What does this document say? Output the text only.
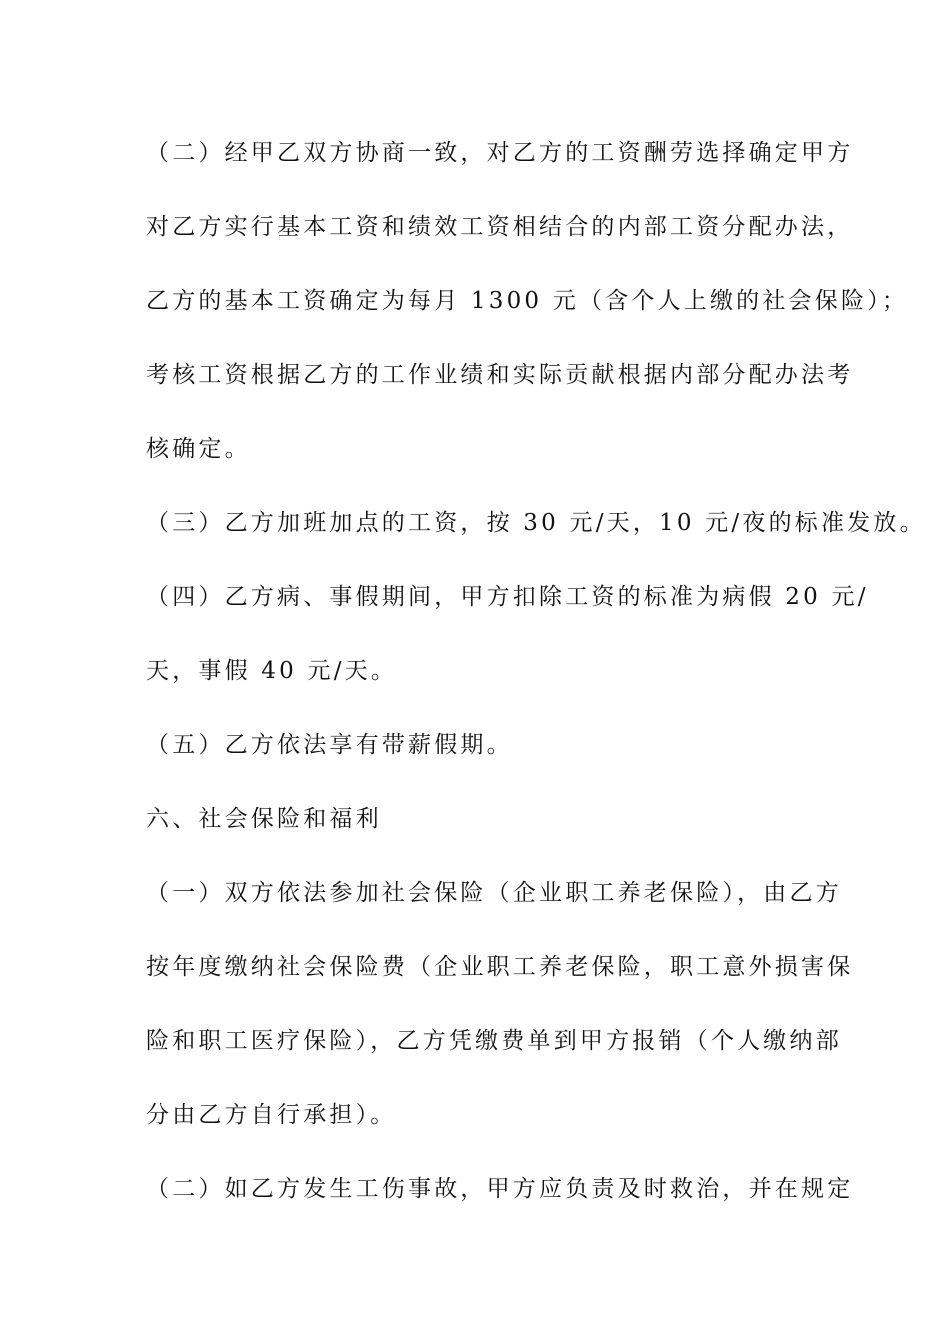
（二）经甲乙双方协商一致，对乙方的工资酬劳选择确定甲方
对乙方实行基本工资和绩效工资相结合的内部工资分配办法，
乙方的基本工资确定为每月 1300 元（含个人上缴的社会保险）；
考核工资根据乙方的工作业绩和实际贡献根据内部分配办法考
核确定。
（三）乙方加班加点的工资，按 30 元/天，10 元/夜的标准发放。
（四）乙方病、事假期间，甲方扣除工资的标准为病假 20 元/
天，事假 40 元/天。
（五）乙方依法享有带薪假期。
六、社会保险和福利
（一）双方依法参加社会保险（企业职工养老保险），由乙方
按年度缴纳社会保险费（企业职工养老保险，职工意外损害保
险和职工医疗保险），乙方凭缴费单到甲方报销（个人缴纳部
分由乙方自行承担）。
（二）如乙方发生工伤事故，甲方应负责及时救治，并在规定
